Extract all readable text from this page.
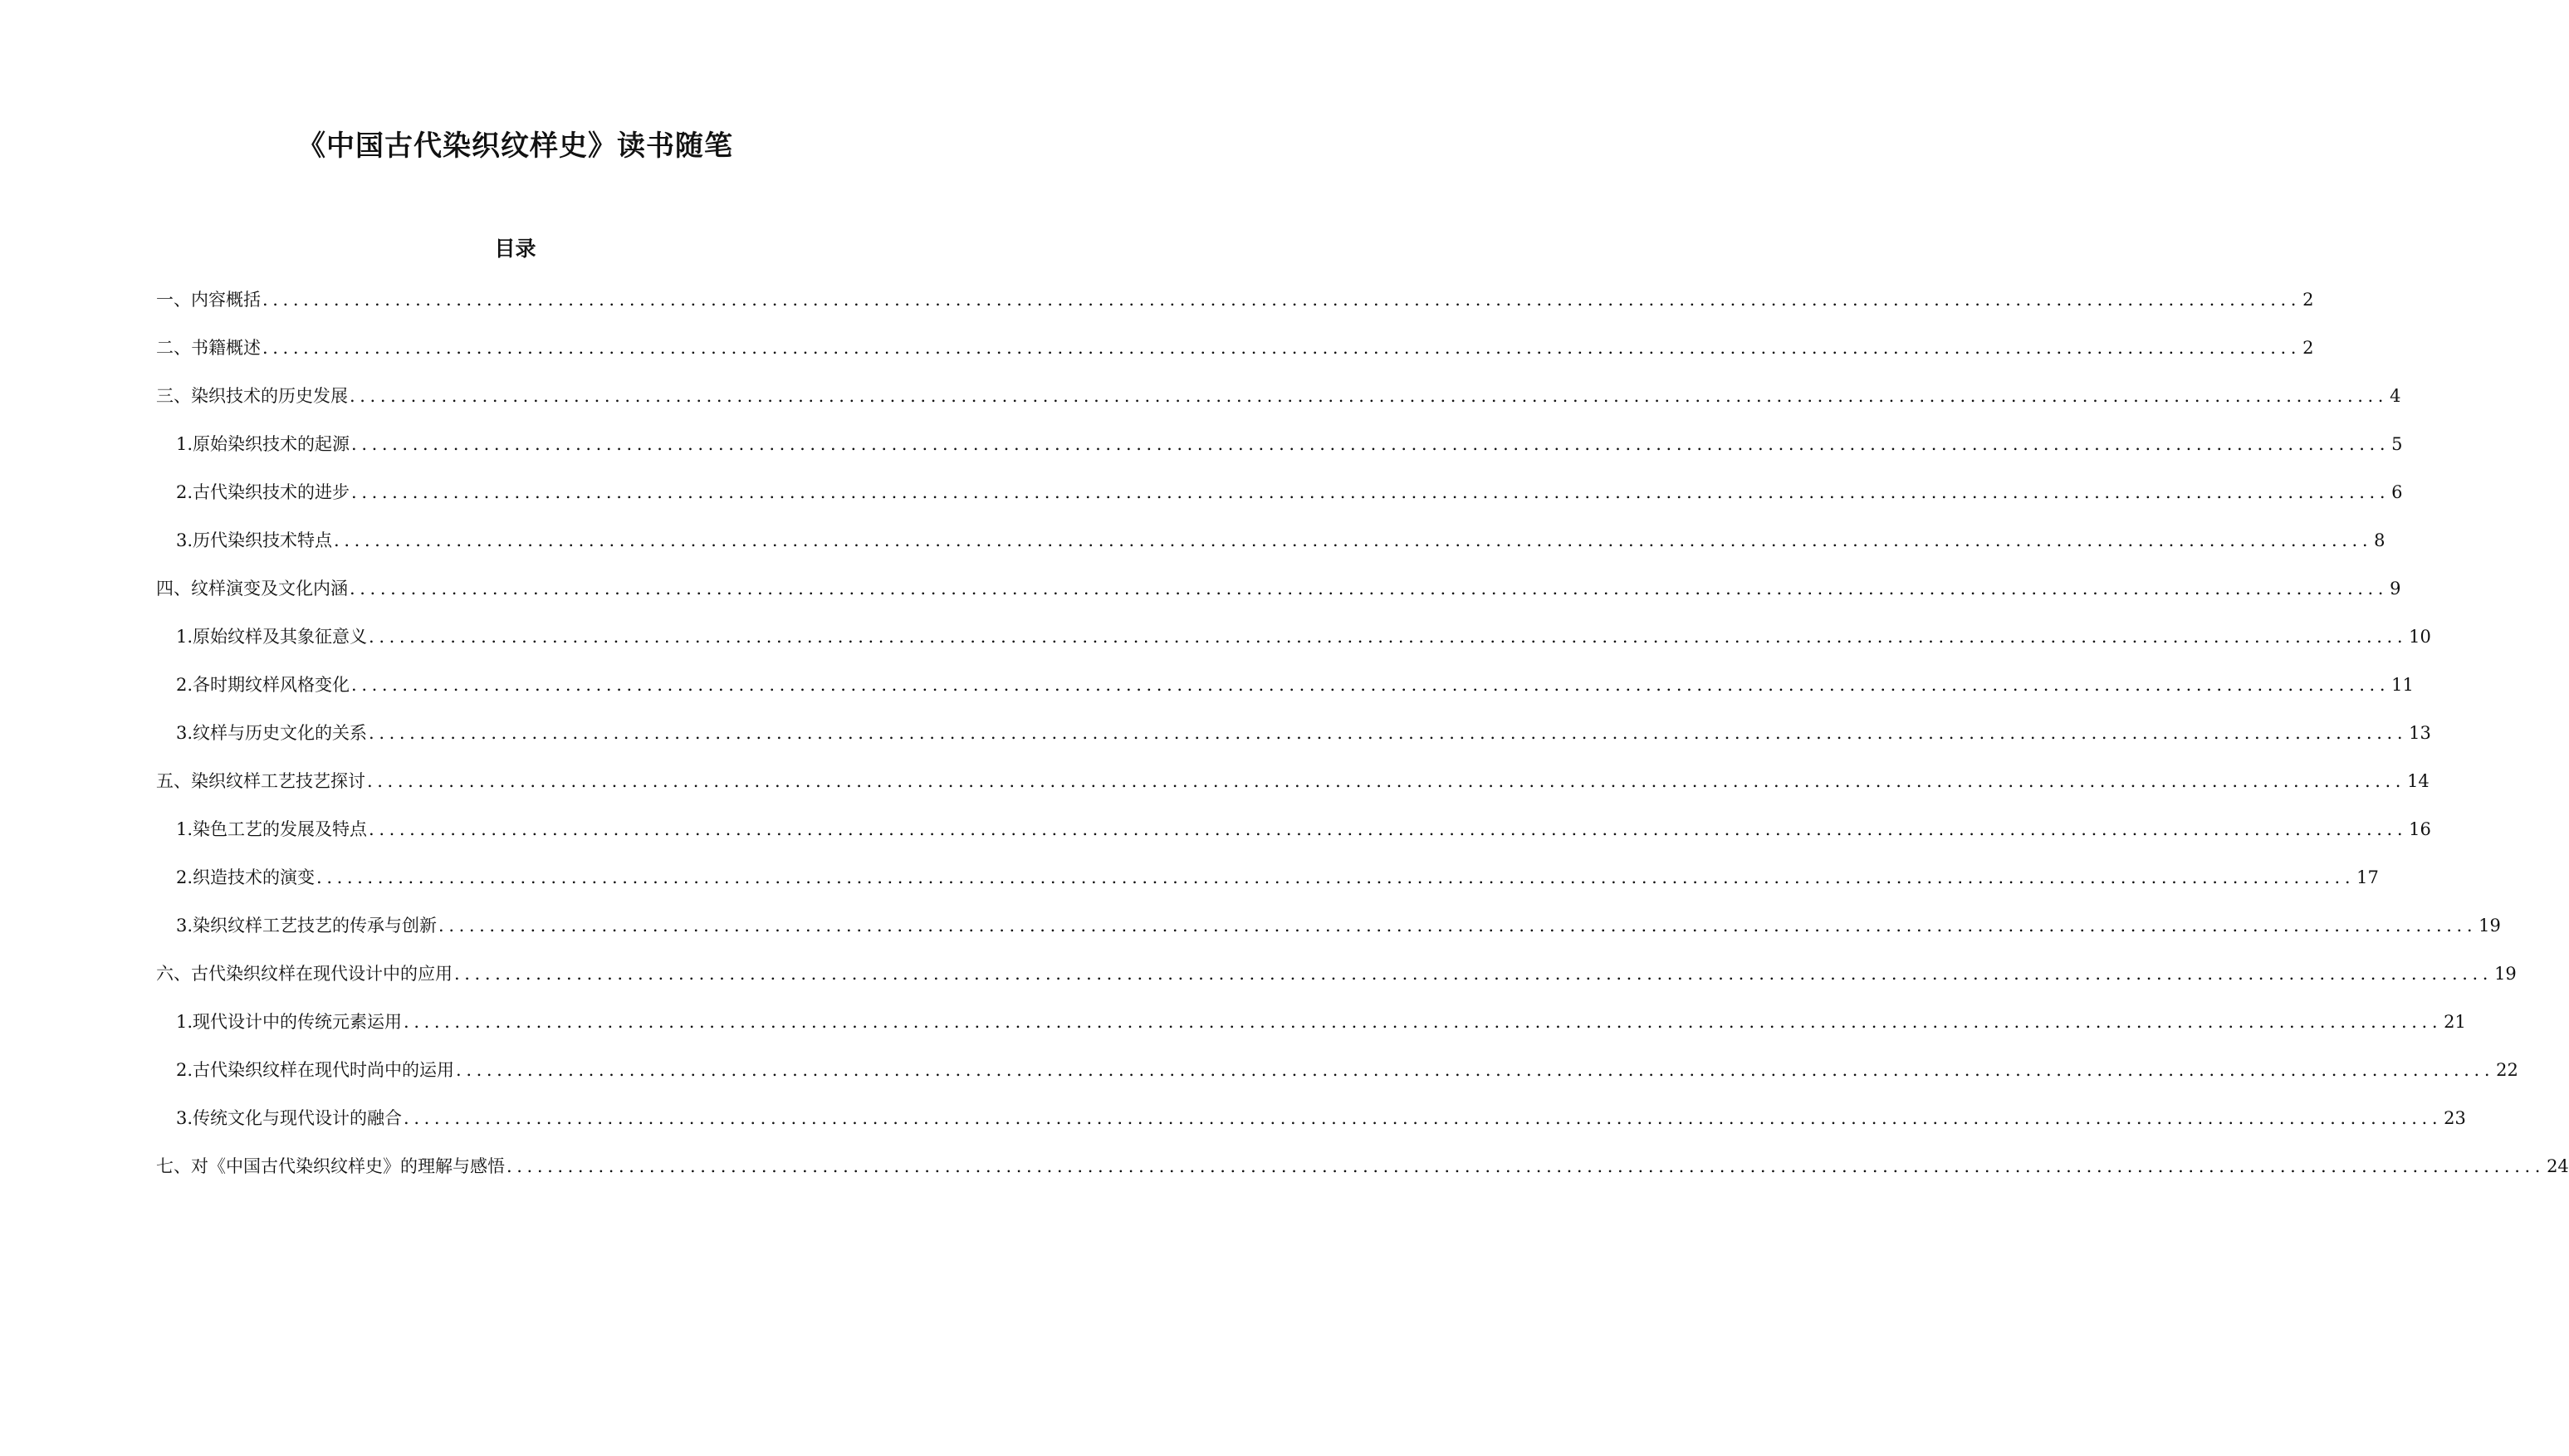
《中国古代染织纹样史》读书随笔
目录
一、内容概括 ........................................................................................................................................................................................................ 2
二、书籍概述 ........................................................................................................................................................................................................ 2
三、染织技术的历史发展 ........................................................................................................................................................................................................ 4
1. 原始染织技术的起源 ........................................................................................................................................................................................................ 5
2. 古代染织技术的进步 ........................................................................................................................................................................................................ 6
3. 历代染织技术特点 ........................................................................................................................................................................................................ 8
四、纹样演变及文化内涵 ........................................................................................................................................................................................................ 9
1. 原始纹样及其象征意义 ........................................................................................................................................................................................................ 10
2. 各时期纹样风格变化 ........................................................................................................................................................................................................ 11
3. 纹样与历史文化的关系 ........................................................................................................................................................................................................ 13
五、染织纹样工艺技艺探讨 ........................................................................................................................................................................................................ 14
1. 染色工艺的发展及特点 ........................................................................................................................................................................................................ 16
2. 织造技术的演变 ........................................................................................................................................................................................................ 17
3. 染织纹样工艺技艺的传承与创新 ........................................................................................................................................................................................................ 19
六、古代染织纹样在现代设计中的应用 ........................................................................................................................................................................................................ 19
1. 现代设计中的传统元素运用 ........................................................................................................................................................................................................ 21
2. 古代染织纹样在现代时尚中的运用 ........................................................................................................................................................................................................ 22
3. 传统文化与现代设计的融合 ........................................................................................................................................................................................................ 23
七、对《中国古代染织纹样史》的理解与感悟 ........................................................................................................................................................................................................ 24
